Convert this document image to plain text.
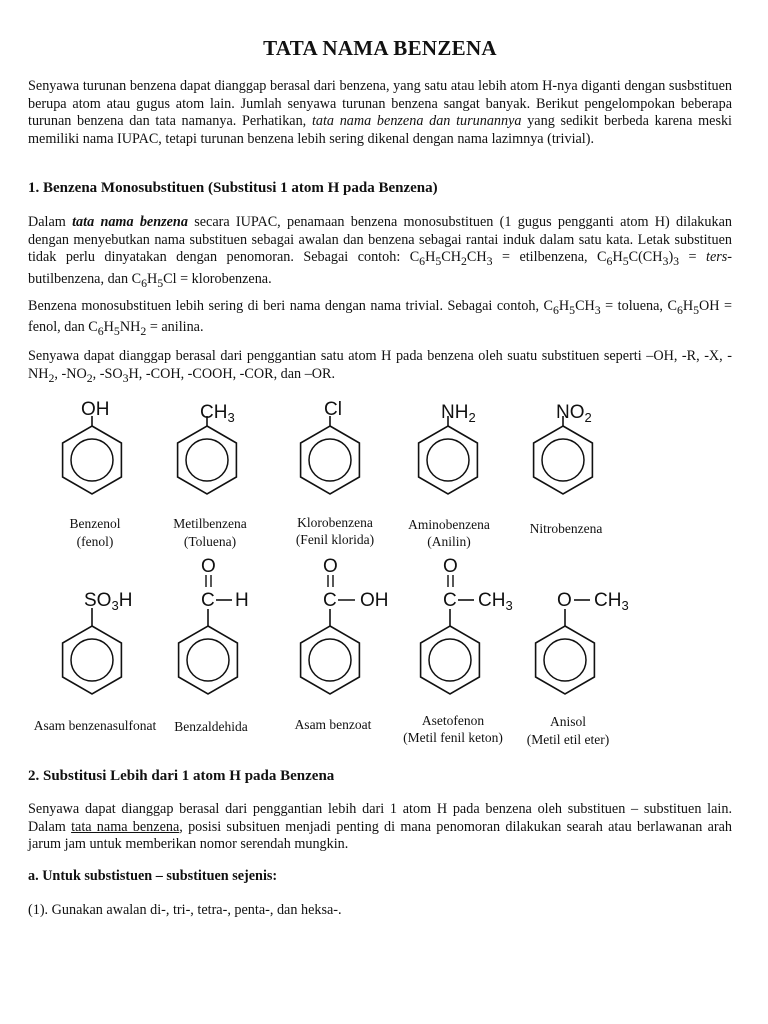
TATA NAMA BENZENA

Senyawa turunan benzena dapat dianggap berasal dari benzena, yang satu atau lebih atom H-nya diganti dengan susbstituen berupa atom atau gugus atom lain. Jumlah senyawa turunan benzena sangat banyak. Berikut pengelompokan beberapa turunan benzena dan tata namanya. Perhatikan, tata nama benzena dan turunannya yang sedikit berbeda karena meski memiliki nama IUPAC, tetapi turunan benzena lebih sering dikenal dengan nama lazimnya (trivial).

1. Benzena Monosubstituen (Substitusi 1 atom H pada Benzena)

Dalam tata nama benzena secara IUPAC, penamaan benzena monosubstituen (1 gugus pengganti atom H) dilakukan dengan menyebutkan nama substituen sebagai awalan dan benzena sebagai rantai induk dalam satu kata. Letak substituen tidak perlu dinyatakan dengan penomoran. Sebagai contoh: $C_6H_5CH_2CH_3$ = etilbenzena, $C_6H_5C(CH_3)_3$ = ters-butilbenzena, dan $C_6H_5Cl$ = klorobenzena.

Benzena monosubstituen lebih sering di beri nama dengan nama trivial. Sebagai contoh, $C_6H_5CH_3$ = toluena, $C_6H_5OH$ = fenol, dan $C_6H_5NH_2$ = anilina.

Senyawa dapat dianggap berasal dari penggantian satu atom H pada benzena oleh suatu substituen seperti –OH, -R, -X, $-NH_2$, $-NO_2$, $-SO_3H$, -COH, -COOH, -COR, dan –OR.

2. Substitusi Lebih dari 1 atom H pada Benzena

Senyawa dapat dianggap berasal dari penggantian lebih dari 1 atom H pada benzena oleh substituen – substituen lain. Dalam tata nama benzena, posisi subsituen menjadi penting di mana penomoran dilakukan searah atau berlawanan arah jarum jam untuk memberikan nomor serendah mungkin.

a. Untuk substistuen – substituen sejenis:

(1). Gunakan awalan di-, tri-, tetra-, penta-, dan heksa-.

OH
Benzenol
(fenol)
$CH_3$
Metilbenzena
(Toluena)
Cl
Klorobenzena
(Fenil klorida)
$NH_2$
Aminobenzena
(Anilin)
$NO_2$
Nitrobenzena
$SO_3H$
Asam benzenasulfonat
C H
O
Benzaldehida
C OH
O
Asam benzoat
C $CH_3$
O
Asetofenon
(Metil fenil keton)
O $CH_3$
Anisol
(Metil etil eter)
